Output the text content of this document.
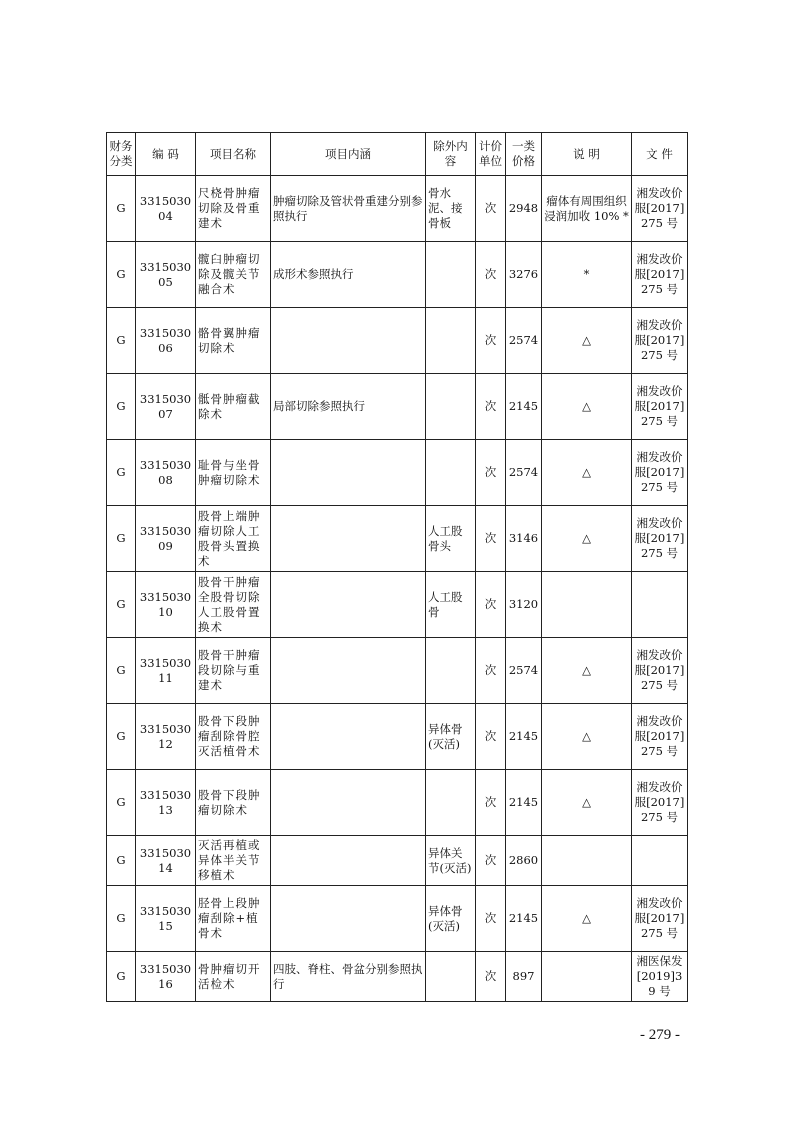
财务分类	编 码	项目名称	项目内涵	除外内容	计价单位	一类价格	说 明	文 件
G	331503004	尺桡骨肿瘤切除及骨重建术	肿瘤切除及管状骨重建分别参照执行	骨水泥、接骨板	次	2948	瘤体有周围组织浸润加收 10% *	湘发改价服[2017]275 号
G	331503005	髋臼肿瘤切除及髋关节融合术	成形术参照执行		次	3276	*	湘发改价服[2017]275 号
G	331503006	骼骨翼肿瘤切除术			次	2574	△	湘发改价服[2017]275 号
G	331503007	骶骨肿瘤截除术	局部切除参照执行		次	2145	△	湘发改价服[2017]275 号
G	331503008	耻骨与坐骨肿瘤切除术			次	2574	△	湘发改价服[2017]275 号
G	331503009	股骨上端肿瘤切除人工股骨头置换术		人工股骨头	次	3146	△	湘发改价服[2017]275 号
G	331503010	股骨干肿瘤全股骨切除人工股骨置换术		人工股骨	次	3120		
G	331503011	股骨干肿瘤段切除与重建术			次	2574	△	湘发改价服[2017]275 号
G	331503012	股骨下段肿瘤刮除骨腔灭活植骨术		异体骨(灭活)	次	2145	△	湘发改价服[2017]275 号
G	331503013	股骨下段肿瘤切除术			次	2145	△	湘发改价服[2017]275 号
G	331503014	灭活再植或异体半关节移植术		异体关节(灭活)	次	2860		
G	331503015	胫骨上段肿瘤刮除+植骨术		异体骨(灭活)	次	2145	△	湘发改价服[2017]275 号
G	331503016	骨肿瘤切开活检术	四肢、脊柱、骨盆分别参照执行		次	897		湘医保发[2019]39 号
- 279 -
